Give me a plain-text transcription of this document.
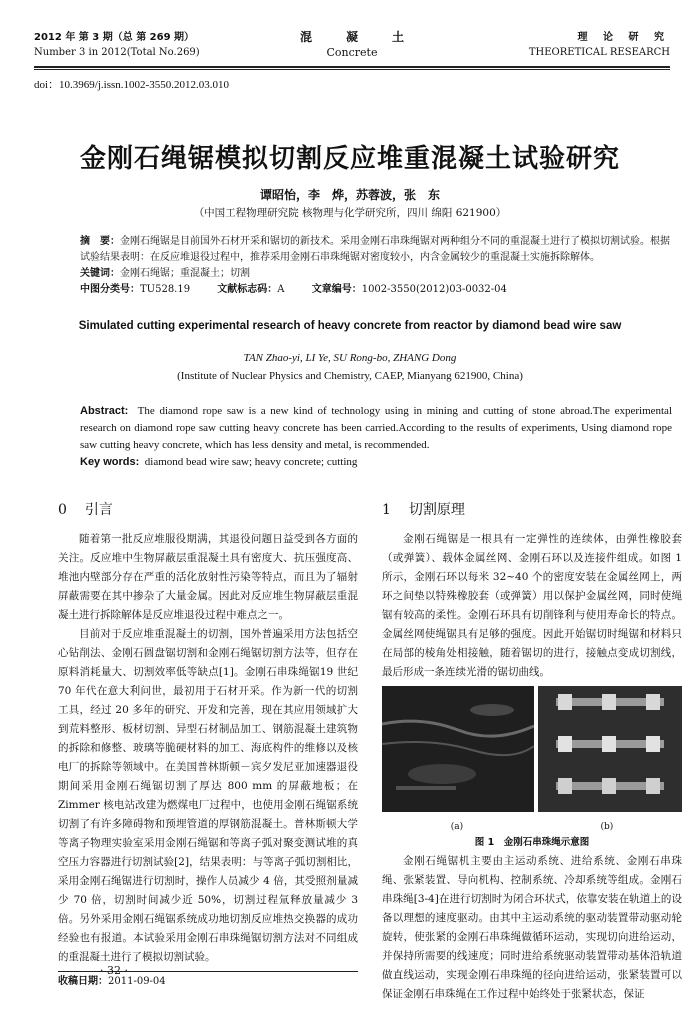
2012 年 第 3 期（总 第 269 期）
Number 3 in 2012(Total No.269)
混凝土
Concrete
理 论 研 究
THEORETICAL RESEARCH
doi：10.3969/j.issn.1002-3550.2012.03.010
金刚石绳锯模拟切割反应堆重混凝土试验研究
谭昭怡，李　烨，苏蓉波，张　东
（中国工程物理研究院 核物理与化学研究所，四川 绵阳 621900）

摘　要：金刚石绳锯是目前国外石材开采和锯切的新技术。采用金刚石串珠绳锯对两种组分不同的重混凝土进行了模拟切割试验。根据试验结果表明：在反应堆退役过程中，推荐采用金刚石串珠绳锯对密度较小，内含金属较少的重混凝土实施拆除解体。

关键词：金刚石绳锯；重混凝土；切割

中图分类号：TU528.19	文献标志码：A	文章编号：1002-3550(2012)03-0032-04

Simulated cutting experimental research of heavy concrete from reactor by diamond bead wire saw
TAN Zhao-yi, LI Ye, SU Rong-bo, ZHANG Dong
(Institute of Nuclear Physics and Chemistry, CAEP, Mianyang 621900, China)

Abstract: The diamond rope saw is a new kind of technology using in mining and cutting of stone abroad.The experimental research on diamond rope saw cutting heavy concrete has been carried.According to the results of experiments, Using diamond rope saw cutting heavy concrete, which has less density and metal, is recommended.

Key words: diamond bead wire saw; heavy concrete; cutting

0 引言

随着第一批反应堆服役期满，其退役问题日益受到各方面的关注。反应堆中生物屏蔽层重混凝土具有密度大、抗压强度高、堆池内壁部分存在严重的活化放射性污染等特点，而且为了辐射屏蔽需要在其中掺杂了大量金属。因此对反应堆生物屏蔽层重混凝土进行拆除解体是反应堆退役过程中难点之一。

目前对于反应堆重混凝土的切割，国外普遍采用方法包括空心钻削法、金刚石圆盘锯切割和金刚石绳锯切割方法等，但存在原料消耗量大、切割效率低等缺点[1]。金刚石串珠绳锯19 世纪 70 年代在意大利问世，最初用于石材开采。作为新一代的切割工具，经过 20 多年的研究、开发和完善，现在其应用领域扩大到荒料整形、板材切割、异型石材制品加工、钢筋混凝土建筑物的拆除和修整、玻璃等脆硬材料的加工、海底构件的维修以及核电厂的拆除等领域中。在美国普林斯顿－宾夕发尼亚加速器退役期间采用金刚石绳锯切割了厚达 800 mm 的屏蔽地板；在 Zimmer 核电站改建为燃煤电厂过程中，也使用金刚石绳锯系统切割了有许多障碍物和预埋管道的厚钢筋混凝土。普林斯顿大学等离子物理实验室采用金刚石绳锯和等离子弧对聚变测试堆的真空压力容器进行切割试验[2]，结果表明：与等离子弧切割相比，采用金刚石绳锯进行切割时，操作人员减少 4 倍，其受照剂量减少 70 倍，切割时间减少近 50%，切割过程氚释放量减少 3 倍。另外采用金刚石绳锯系统成功地切割反应堆热交换器的成功经验也有报道。本试验采用金刚石串珠绳锯切割方法对不同组成的重混凝土进行了模拟切割试验。

收稿日期：2011-09-04
· 32 ·
1 切割原理

金刚石绳锯是一根具有一定弹性的连续体，由弹性橡胶套（或弹簧）、载体金属丝网、金刚石环以及连接件组成。如图 1 所示，金刚石环以每米 32~40 个的密度安装在金属丝网上，两环之间垫以特殊橡胶套（或弹簧）用以保护金属丝网，同时使绳锯有较高的柔性。金刚石环具有切削锋利与使用寿命长的特点。金属丝网使绳锯具有足够的强度。因此开始锯切时绳锯和材料只在局部的棱角处相接触，随着锯切的进行，接触点变成切割线，最后形成一条连续光滑的锯切曲线。

(a)	(b)
图 1　金刚石串珠绳示意图

金刚石绳锯机主要由主运动系统、进给系统、金刚石串珠绳、张紧装置、导向机构、控制系统、冷却系统等组成。金刚石串珠绳[3-4]在进行切割时为闭合环状式，依靠安装在轨道上的设备以理想的速度驱动。由其中主运动系统的驱动装置带动驱动轮旋转，使张紧的金刚石串珠绳做循环运动，实现切向进给运动，并保持所需要的线速度；同时进给系统驱动装置带动基体沿轨道做直线运动，实现金刚石串珠绳的径向进给运动，张紧装置可以保证金刚石串珠绳在工作过程中始终处于张紧状态，保证
